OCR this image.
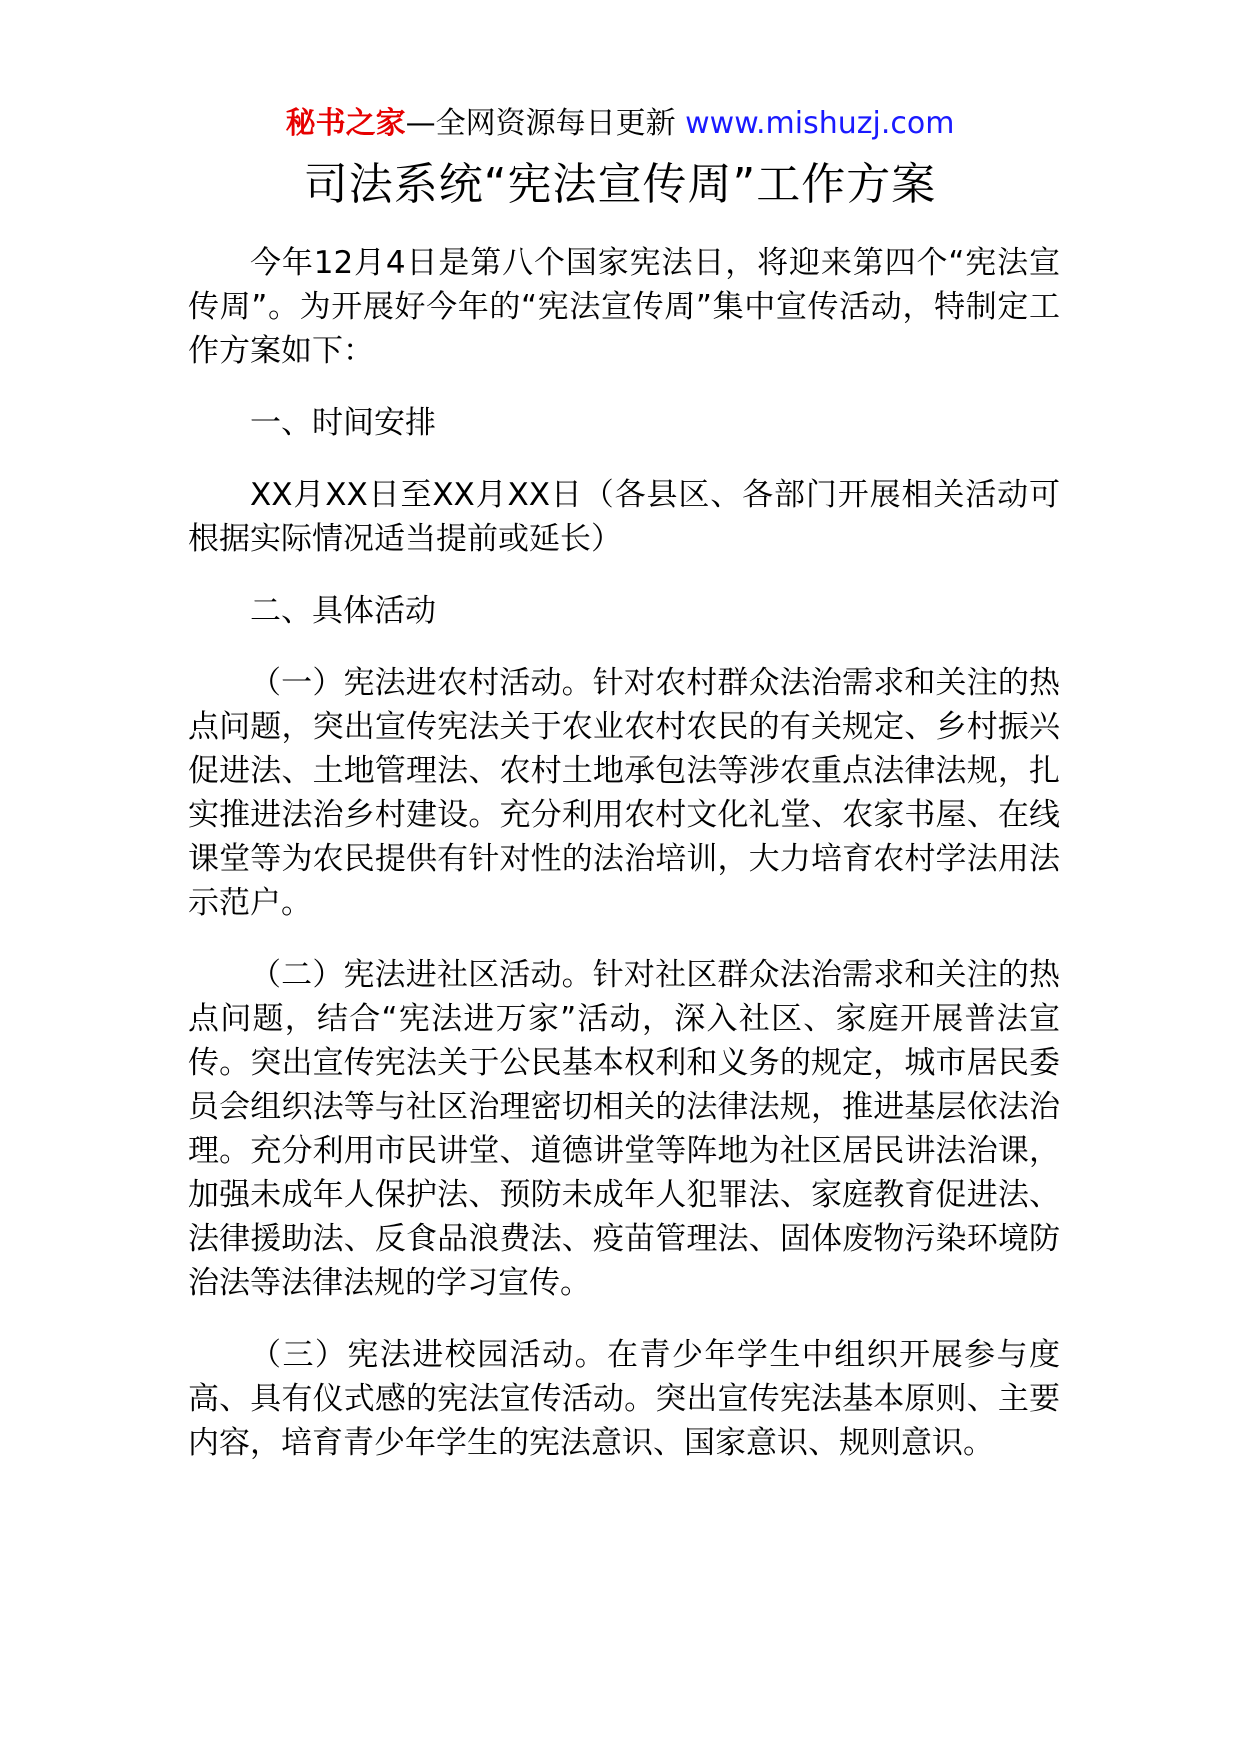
秘书之家—全网资源每日更新 www.mishuzj.com
司法系统“宪法宣传周”工作方案

今年12月4日是第八个国家宪法日，将迎来第四个“宪法宣传周”。为开展好今年的“宪法宣传周”集中宣传活动，特制定工作方案如下：

一、时间安排

XX月XX日至XX月XX日（各县区、各部门开展相关活动可根据实际情况适当提前或延长）

二、具体活动

（一）宪法进农村活动。针对农村群众法治需求和关注的热点问题，突出宣传宪法关于农业农村农民的有关规定、乡村振兴促进法、土地管理法、农村土地承包法等涉农重点法律法规，扎实推进法治乡村建设。充分利用农村文化礼堂、农家书屋、在线课堂等为农民提供有针对性的法治培训，大力培育农村学法用法示范户。

（二）宪法进社区活动。针对社区群众法治需求和关注的热点问题，结合“宪法进万家”活动，深入社区、家庭开展普法宣传。突出宣传宪法关于公民基本权利和义务的规定，城市居民委员会组织法等与社区治理密切相关的法律法规，推进基层依法治理。充分利用市民讲堂、道德讲堂等阵地为社区居民讲法治课，加强未成年人保护法、预防未成年人犯罪法、家庭教育促进法、法律援助法、反食品浪费法、疫苗管理法、固体废物污染环境防治法等法律法规的学习宣传。

（三）宪法进校园活动。在青少年学生中组织开展参与度高、具有仪式感的宪法宣传活动。突出宣传宪法基本原则、主要内容，培育青少年学生的宪法意识、国家意识、规则意识。
